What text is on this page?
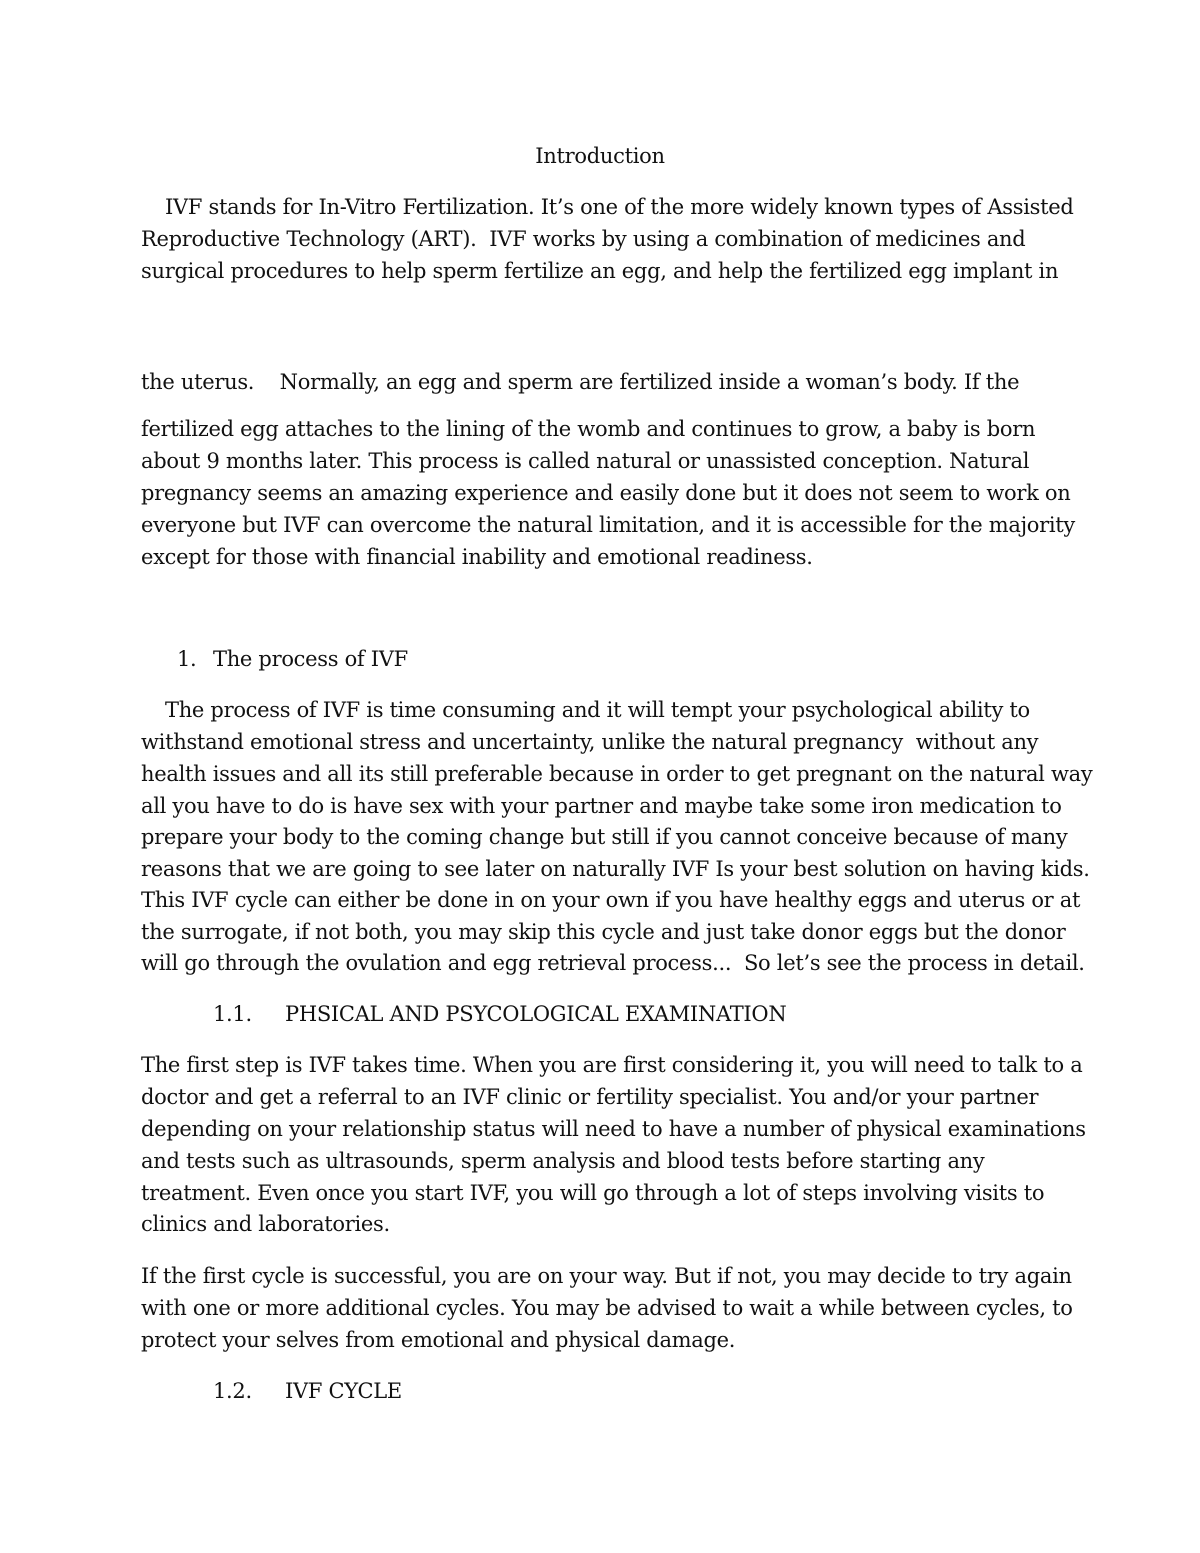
Introduction

IVF stands for In-Vitro Fertilization. It’s one of the more widely known types of Assisted

Reproductive Technology (ART).  IVF works by using a combination of medicines and

surgical procedures to help sperm fertilize an egg, and help the fertilized egg implant in

the uterus.    Normally, an egg and sperm are fertilized inside a woman’s body. If the

fertilized egg attaches to the lining of the womb and continues to grow, a baby is born

about 9 months later. This process is called natural or unassisted conception. Natural

pregnancy seems an amazing experience and easily done but it does not seem to work on

everyone but IVF can overcome the natural limitation, and it is accessible for the majority

except for those with financial inability and emotional readiness.

1. The process of IVF

The process of IVF is time consuming and it will tempt your psychological ability to

withstand emotional stress and uncertainty, unlike the natural pregnancy  without any

health issues and all its still preferable because in order to get pregnant on the natural way

all you have to do is have sex with your partner and maybe take some iron medication to

prepare your body to the coming change but still if you cannot conceive because of many

reasons that we are going to see later on naturally IVF Is your best solution on having kids.

This IVF cycle can either be done in on your own if you have healthy eggs and uterus or at

the surrogate, if not both, you may skip this cycle and just take donor eggs but the donor

will go through the ovulation and egg retrieval process...  So let’s see the process in detail.

1.1. PHSICAL AND PSYCOLOGICAL EXAMINATION

The first step is IVF takes time. When you are first considering it, you will need to talk to a

doctor and get a referral to an IVF clinic or fertility specialist. You and/or your partner

depending on your relationship status will need to have a number of physical examinations

and tests such as ultrasounds, sperm analysis and blood tests before starting any

treatment. Even once you start IVF, you will go through a lot of steps involving visits to

clinics and laboratories.

If the first cycle is successful, you are on your way. But if not, you may decide to try again

with one or more additional cycles. You may be advised to wait a while between cycles, to

protect your selves from emotional and physical damage.

1.2. IVF CYCLE
